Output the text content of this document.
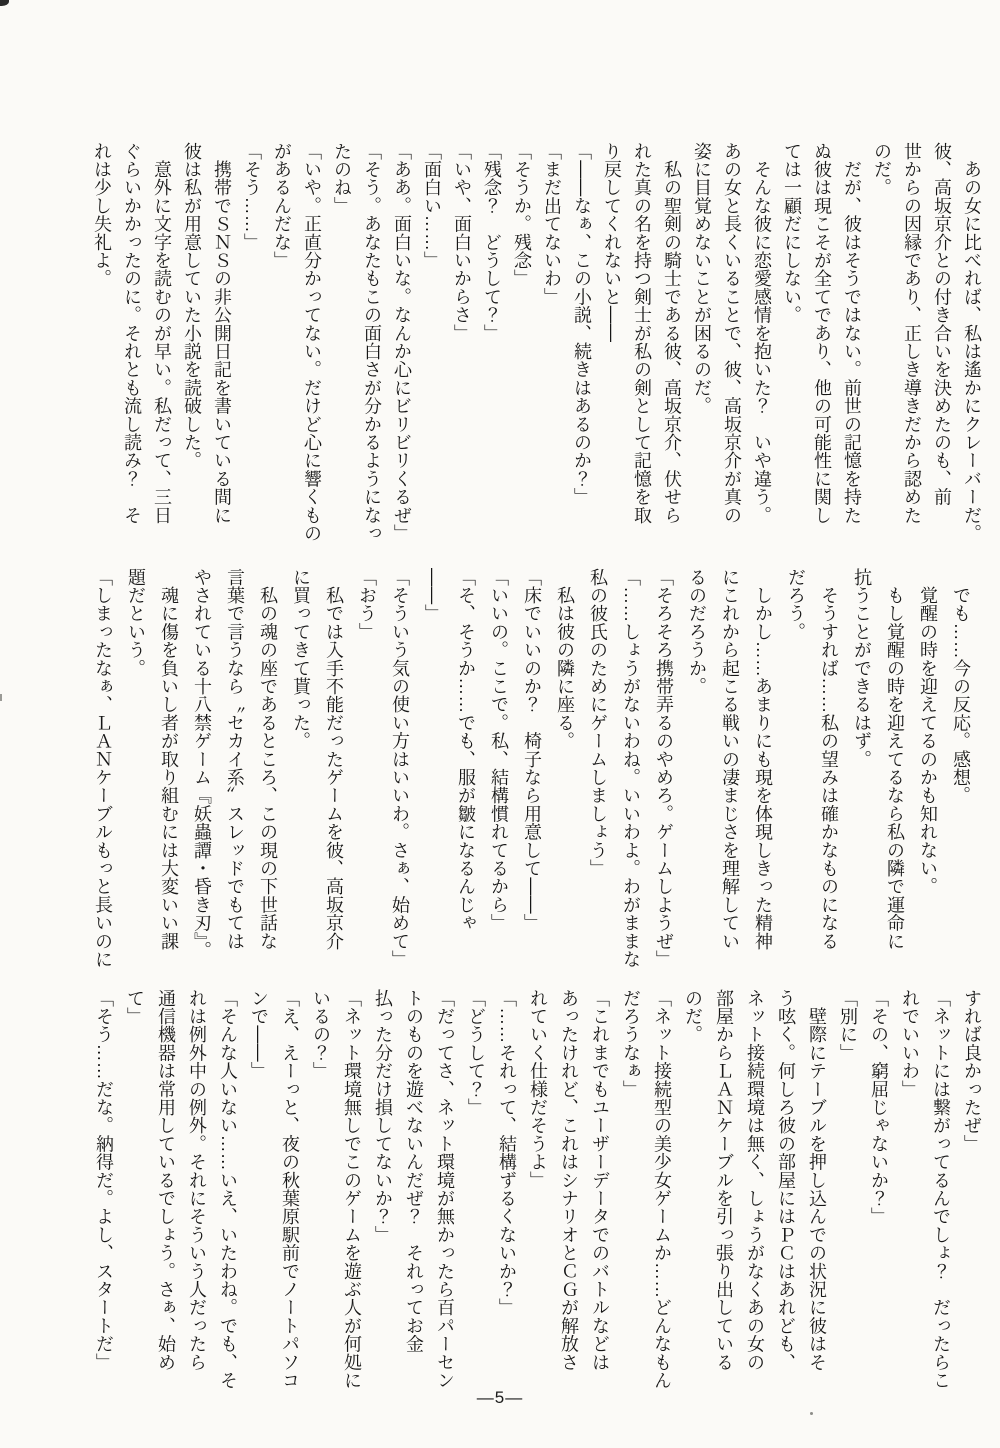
　あの女に比べれば、私は遙かにクレーバーだ。
彼、高坂京介との付き合いを決めたのも、前
世からの因縁であり、正しき導きだから認めた
のだ。
　だが、彼はそうではない。前世の記憶を持た
ぬ彼は現こそが全てであり、他の可能性に関し
ては一顧だにしない。
　そんな彼に恋愛感情を抱いた？　いや違う。
あの女と長くいることで、彼、高坂京介が真の
姿に目覚めないことが困るのだ。
　私の聖剣の騎士である彼、高坂京介、伏せら
れた真の名を持つ剣士が私の剣として記憶を取
り戻してくれないと——
「——なぁ、この小説、続きはあるのか？」
「まだ出てないわ」
「そうか。残念」
「残念？　どうして？」
「いや、面白いからさ」
「面白い……」
「ああ。面白いな。なんか心にビリビリくるぜ」
「そう。あなたもこの面白さが分かるようになっ
たのね」
「いや。正直分かってない。だけど心に響くもの
があるんだな」
「そう……」
　携帯でＳＮＳの非公開日記を書いている間に
彼は私が用意していた小説を読破した。
　意外に文字を読むのが早い。私だって、三日
ぐらいかかったのに。それとも流し読み？　そ
れは少し失礼よ。
　でも……今の反応。感想。
　覚醒の時を迎えてるのかも知れない。
　もし覚醒の時を迎えてるなら私の隣で運命に
抗うことができるはず。
　そうすれば……私の望みは確かなものになる
だろう。
　しかし……あまりにも現を体現しきった精神
にこれから起こる戦いの凄まじさを理解してい
るのだろうか。
「そろそろ携帯弄るのやめろ。ゲームしようぜ」
「……しょうがないわね。いいわよ。わがままな
私の彼氏のためにゲームしましょう」
　私は彼の隣に座る。
「床でいいのか？　椅子なら用意して——」
「いいの。ここで。私、結構慣れてるから」
「そ、そうか……でも、服が皺になるんじゃ
——」
「そういう気の使い方はいいわ。さぁ、始めて」
「おう」
　私では入手不能だったゲームを彼、高坂京介
に買ってきて貰った。
　私の魂の座であるところ、この現の下世話な
言葉で言うなら〝セカイ系〟スレッドでもては
やされている十八禁ゲーム『妖蟲譚・昏き刃』。
　魂に傷を負いし者が取り組むには大変いい課
題だという。
「しまったなぁ、ＬＡＮケーブルもっと長いのに
すれば良かったぜ」
「ネットには繋がってるんでしょ？　だったらこ
れでいいわ」
「その、窮屈じゃないか？」
「別に」
　壁際にテーブルを押し込んでの状況に彼はそ
う呟く。何しろ彼の部屋にはＰＣはあれども、
ネット接続環境は無く、しょうがなくあの女の
部屋からＬＡＮケーブルを引っ張り出している
のだ。
「ネット接続型の美少女ゲームか……どんなもん
だろうなぁ」
「これまでもユーザーデータでのバトルなどは
あったけれど、これはシナリオとＣＧが解放さ
れていく仕様だそうよ」
「……それって、結構ずるくないか？」
「どうして？」
「だってさ、ネット環境が無かったら百パーセン
トのものを遊べないんだぜ？　それってお金
払った分だけ損してないか？」
「ネット環境無しでこのゲームを遊ぶ人が何処に
いるの？」
「え、えーっと、夜の秋葉原駅前でノートパソコ
ンで——」
「そんな人いない……いえ、いたわね。でも、そ
れは例外中の例外。それにそういう人だったら
通信機器は常用しているでしょう。さぁ、始め
て」
「そう……だな。納得だ。よし、スタートだ」
―5―
